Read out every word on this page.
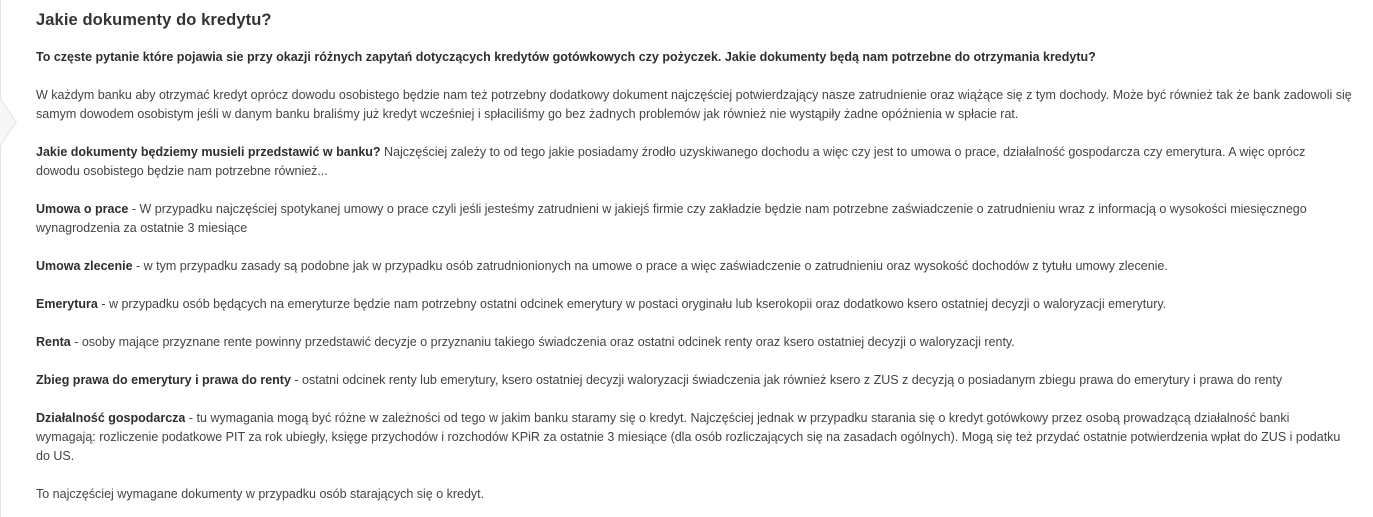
Jakie dokumenty do kredytu?

To częste pytanie które pojawia sie przy okazji różnych zapytań dotyczących kredytów gotówkowych czy pożyczek. Jakie dokumenty będą nam potrzebne do otrzymania kredytu?

W każdym banku aby otrzymać kredyt oprócz dowodu osobistego będzie nam też potrzebny dodatkowy dokument najczęściej potwierdzający nasze zatrudnienie oraz wiążące się z tym dochody. Może być również tak że bank zadowoli się samym dowodem osobistym jeśli w danym banku braliśmy już kredyt wcześniej i spłaciliśmy go bez żadnych problemów jak również nie wystąpiły żadne opóźnienia w spłacie rat.

Jakie dokumenty będziemy musieli przedstawić w banku? Najczęściej zależy to od tego jakie posiadamy źrodło uzyskiwanego dochodu a więc czy jest to umowa o prace, działalność gospodarcza czy emerytura. A więc oprócz dowodu osobistego będzie nam potrzebne również...

Umowa o prace - W przypadku najczęściej spotykanej umowy o prace czyli jeśli jesteśmy zatrudnieni w jakiejś firmie czy zakładzie będzie nam potrzebne zaświadczenie o zatrudnieniu wraz z informacją o wysokości miesięcznego wynagrodzenia za ostatnie 3 miesiące

Umowa zlecenie - w tym przypadku zasady są podobne jak w przypadku osób zatrudnionionych na umowe o prace a więc zaświadczenie o zatrudnieniu oraz wysokość dochodów z tytułu umowy zlecenie.

Emerytura - w przypadku osób będących na emeryturze będzie nam potrzebny ostatni odcinek emerytury w postaci oryginału lub kserokopii oraz dodatkowo ksero ostatniej decyzji o waloryzacji emerytury.

Renta - osoby mające przyznane rente powinny przedstawić decyzje o przyznaniu takiego świadczenia oraz ostatni odcinek renty oraz ksero ostatniej decyzji o waloryzacji renty.

Zbieg prawa do emerytury i prawa do renty - ostatni odcinek renty lub emerytury, ksero ostatniej decyzji waloryzacji świadczenia jak również ksero z ZUS z decyzją o posiadanym zbiegu prawa do emerytury i prawa do renty

Działalność gospodarcza - tu wymagania mogą być różne w zależności od tego w jakim banku staramy się o kredyt. Najczęściej jednak w przypadku starania się o kredyt gotówkowy przez osobą prowadzącą działalność banki wymagają: rozliczenie podatkowe PIT za rok ubiegły, księge przychodów i rozchodów KPiR za ostatnie 3 miesiące (dla osób rozliczających się na zasadach ogólnych). Mogą się też przydać ostatnie potwierdzenia wpłat do ZUS i podatku do US.

To najczęściej wymagane dokumenty w przypadku osób starających się o kredyt.
